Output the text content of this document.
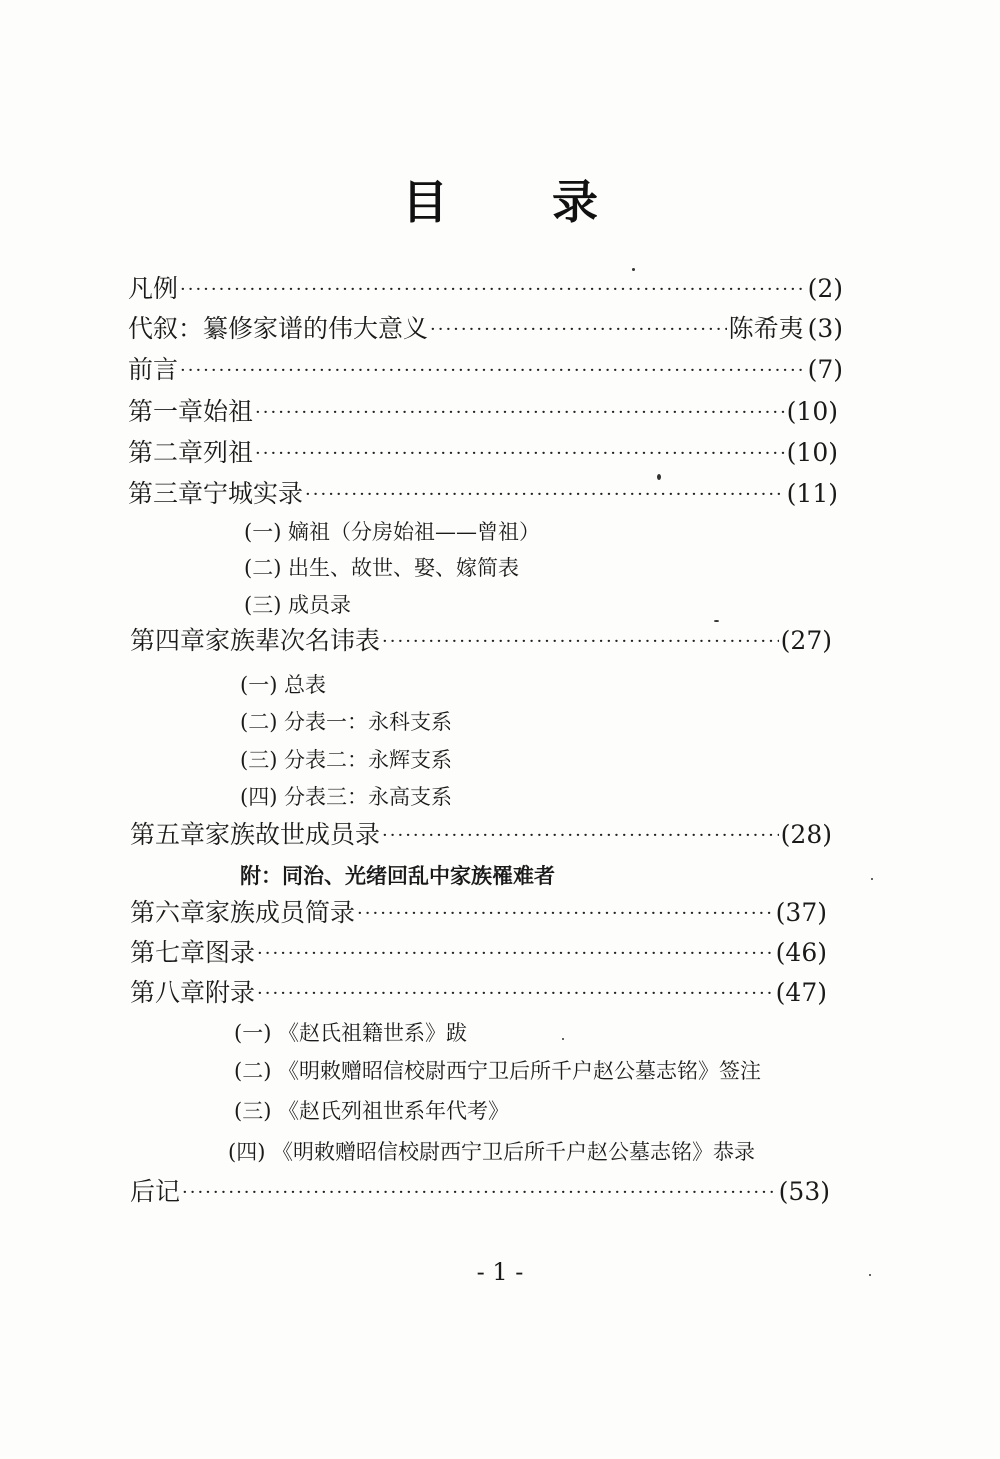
目 录
凡例 ·····	(2)
代叙：纂修家谱的伟大意义 ·····	陈希夷 (3)
前言 ·····	(7)
第一章 始祖 ·····	(10)
第二章 列祖 ·····	(10)
第三章 宁城实录 ·····	(11)
(一) 嫡祖（分房始祖——曾祖）
(二) 出生、故世、娶、嫁简表
(三) 成员录
第四章 家族辈次名讳表 ·····	(27)
(一) 总表
(二) 分表一：永科支系
(三) 分表二：永辉支系
(四) 分表三：永高支系
第五章 家族故世成员录 ·····	(28)
附：同治、光绪回乱中家族罹难者
第六章 家族成员简录 ·····	(37)
第七章 图录 ·····	(46)
第八章 附录 ·····	(47)
(一) 《赵氏祖籍世系》跋
(二) 《明敕赠昭信校尉西宁卫后所千户赵公墓志铭》签注
(三) 《赵氏列祖世系年代考》
(四) 《明敕赠昭信校尉西宁卫后所千户赵公墓志铭》恭录
后记 ·····	(53)
- 1 -
